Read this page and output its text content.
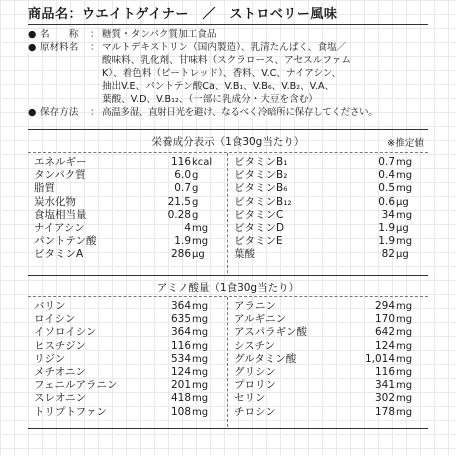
商品名：ウエイトゲイナー　／　ストロベリー風味
● 名　　称	： 糖質・タンパク質加工食品
● 原材料名	： マルトデキストリン（国内製造）、乳清たんぱく、食塩／
酸味料、乳化剤、甘味料（スクラロース、アセスルファム
K）、着色料（ビートレッド）、香料、V.C、ナイアシン、
抽出V.E、パントテン酸Ca、V.B₁、V.B₆、V.B₂、V.A、
葉酸、V.D、V.B₁₂、（一部に乳成分・大豆を含む）
● 保存方法	： 高温多湿、直射日光を避け、なるべく冷暗所に保存してください。
栄養成分表示（1食30g当たり）	※推定値
エネルギー	116 kcal
タンパク質	6.0 g
脂質	0.7 g
炭水化物	21.5 g
食塩相当量	0.28 g
ナイアシン	4 mg
パントテン酸	1.9 mg
ビタミンA	286 μg
ビタミンB₁	0.7 mg
ビタミンB₂	0.4 mg
ビタミンB₆	0.5 mg
ビタミンB₁₂	0.6 μg
ビタミンC	34 mg
ビタミンD	1.9 μg
ビタミンE	1.9 mg
葉酸	82 μg
アミノ酸量（1食30g当たり）
バリン	364 mg
ロイシン	635 mg
イソロイシン	364 mg
ヒスチジン	116 mg
リジン	534 mg
メチオニン	124 mg
フェニルアラニン	201 mg
スレオニン	418 mg
トリプトファン	108 mg
アラニン	294 mg
アルギニン	170 mg
アスパラギン酸	642 mg
シスチン	124 mg
グルタミン酸	1,014 mg
グリシン	116 mg
プロリン	341 mg
セリン	302 mg
チロシン	178 mg
